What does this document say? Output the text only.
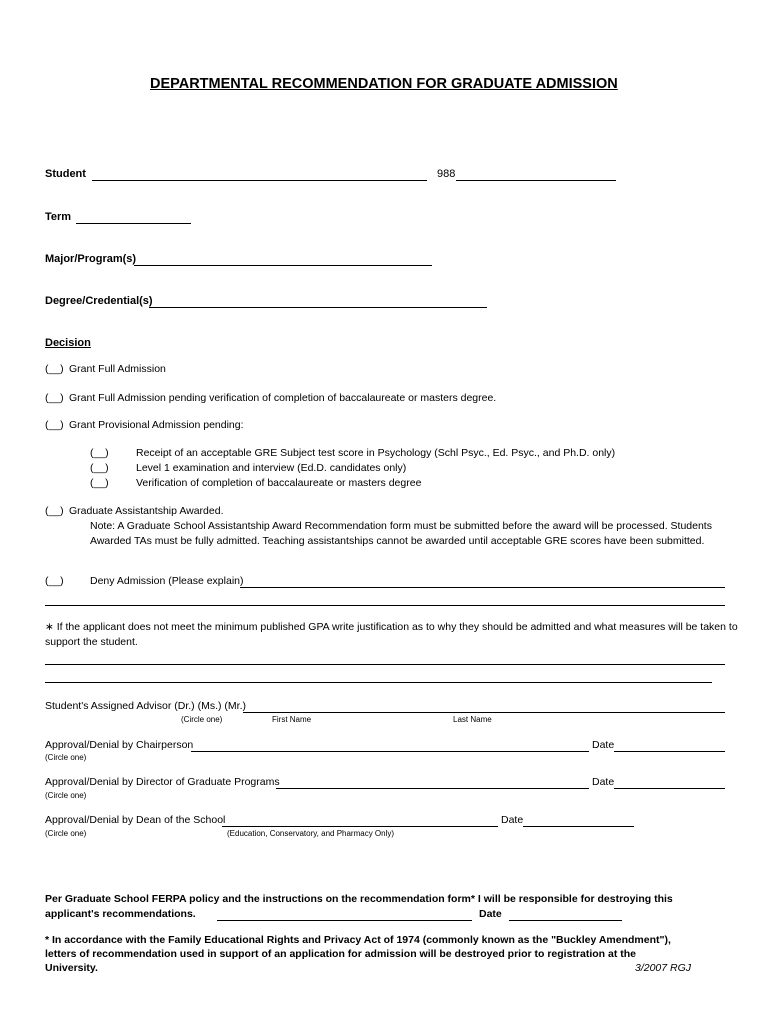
DEPARTMENTAL RECOMMENDATION FOR GRADUATE ADMISSION
Student	988
Term
Major/Program(s)
Degree/Credential(s)
Decision
(__) Grant Full Admission
(__) Grant Full Admission pending verification of completion of baccalaureate or masters degree.
(__) Grant Provisional Admission pending:
(__)	Receipt of an acceptable GRE Subject test score in Psychology (Schl Psyc., Ed. Psyc., and Ph.D. only)
(__)	Level 1 examination and interview (Ed.D. candidates only)
(__)	Verification of completion of baccalaureate or masters degree
(__) Graduate Assistantship Awarded.
Note: A Graduate School Assistantship Award Recommendation form must be submitted before the award will be processed. Students
Awarded TAs must be fully admitted. Teaching assistantships cannot be awarded until acceptable GRE scores have been submitted.
(__)	Deny Admission (Please explain)
∗ If the applicant does not meet the minimum published GPA write justification as to why they should be admitted and what measures will be taken to
support the student.
Student's Assigned Advisor (Dr.) (Ms.) (Mr.)
(Circle one)	First Name	Last Name
Approval/Denial by Chairperson	Date
(Circle one)
Approval/Denial by Director of Graduate Programs	Date
(Circle one)
Approval/Denial by Dean of the School	Date
(Circle one)	(Education, Conservatory, and Pharmacy Only)
Per Graduate School FERPA policy and the instructions on the recommendation form* I will be responsible for destroying this
applicant's recommendations.	Date
* In accordance with the Family Educational Rights and Privacy Act of 1974 (commonly known as the "Buckley Amendment"),
letters of recommendation used in support of an application for admission will be destroyed prior to registration at the
University.	3/2007 RGJ
